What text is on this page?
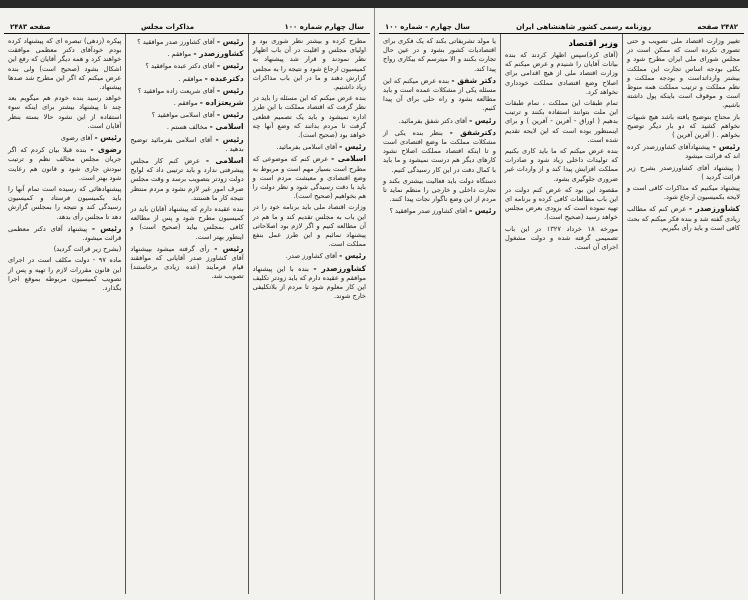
سال چهارم شماره ۱۰۰
مذاکرات مجلس
صفحه ۲۴۸۳

مطرح کرده و بیشتر نظر شوری بود و اولیای مجلس و اقلیت در آن باب اظهار نظر نمودند و قرار شد پیشنهاد به کمیسیون ارجاع شود و نتیجه را به مجلس گزارش دهند و ما در این باب مذاکرات زیاد داشتیم.

بنده عرض میکنم که این مسئله را باید در نظر گرفت که اقتصاد مملکت با این طرز اداره نمیشود و باید یک تصمیم قطعی گرفت تا مردم بدانند که وضع آنها چه خواهد بود (صحیح است).

رئیس - آقای اسلامی بفرمائید.

اسلامی - عرض کنم که موضوعی که مطرح است بسیار مهم است و مربوط به وضع اقتصادی و معیشت مردم است و باید با دقت رسیدگی شود و نظر دولت را هم بخواهیم (صحیح است).

وزارت اقتصاد ملی باید برنامه خود را در این باب به مجلس تقدیم کند و ما هم در آن مطالعه کنیم و اگر لازم بود اصلاحاتی پیشنهاد نمائیم و این طرز عمل بنفع مملکت است.

رئیس - آقای کشاورز صدر.

کشاورزصدر - بنده با این پیشنهاد موافقم و عقیده دارم که باید زودتر تکلیف این کار معلوم شود تا مردم از بلاتکلیفی خارج شوند.

رئیس - آقای کشاورز صدر موافقید ؟

کشاورزصدر - موافقم .

رئیس - آقای دکتر عبده موافقید ؟

دکترعبده - موافقم .

رئیس - آقای شریعت زاده موافقید ؟

شریعتزاده - موافقم .

رئیس - آقای اسلامی موافقید ؟

اسلامی - مخالف هستم .

رئیس - آقای اسلامی بفرمائید توضیح بدهید .

اسلامی - عرض کنم کار مجلس پیشرفتی ندارد و باید ترتیبی داد که لوایح دولت زودتر بتصویب برسد و وقت مجلس صرف امور غیر لازم نشود و مردم منتظر نتیجه کار ما هستند.

بنده عقیده دارم که پیشنهاد آقایان باید در کمیسیون مطرح شود و پس از مطالعه کافی بمجلس بیاید (صحیح است) و اینطور بهتر است.

رئیس - رأی گرفته میشود بپیشنهاد آقای کشاورز صدر آقایانی که موافقند قیام فرمایند (عده زیادی برخاستند) تصویب شد.

پیکره (زدهی) تبصره ای که پیشنهاد کرده بودم خودآقای دکتر معظمی موافقت خواهند کرد و همه دیگر آقایان که رفع این اشکال بشود (صحیح است) ولی بنده عرض میکنم که اگر این مطرح شد صدها پیشنهاد.

خواهد رسید بنده خودم هم میگویم بعد چند تا پیشنهاد بیشتر برای اینکه سوء استفاده از این نشود حالا بسته بنظر آقایان است.

رئیس - آقای رضوی

رضوی - بنده قبلا بیان کردم که اگر جریان مجلس مخالف نظم و ترتیب نبودش جاری شود و قانون هم رعایت شود بهتر است.

پیشنهادهائی که رسیده است تمام آنها را باید بکمیسیون فرستاد و کمیسیون رسیدگی کند و نتیجه را بمجلس گزارش دهد تا مجلس رأی بدهد.

رئیس - پیشنهاد آقای دکتر معظمی قرائت میشود.

(بشرح زیر قرائت گردید)

ماده ۹۷ - دولت مکلف است در اجرای این قانون مقررات لازم را تهیه و پس از تصویب کمیسیون مربوطه بموقع اجرا بگذارد.

۲۴۸۲ صفحه
روزنامه رسمی کشور شاهنشاهی ایران
سال چهارم - شماره ۱۰۰

تغییر وزارت اقتصاد ملی تصویب و حتی تصوری نکرده است که ممکن است در مجلس شورای ملی ایران مطرح شود و بکلی بودجه اساس تجارت این مملکت بیشتر وارداتداست و بودجه مملکت و نظم مملکت و ترتیب مملکت همه منوط است و موقوف است باینکه پول داشته باشیم.

باز محتاج بتوضیح یافته باشد هیچ شبهات نخواهم کشید که دو بار دیگر توضیح بخواهم . ( آفرین آفرین )

رئیس - پیشنهادآقای کشاورزصدر کرده اند که قرائت میشود

( پیشنهاد آقای کشاورزصدر بشرح زیر قرائت گردید )

پیشنهاد میکنیم که مذاکرات کافی است و لایحه بکمیسیون ارجاع شود.

کشاورزصدر - عرض کنم که مطالب زیادی گفته شد و بنده فکر میکنم که بحث کافی است و باید رأی بگیریم.

وزیر اقتصاد

(آقای کرد)سپس اظهار کردند که بنده بیانات آقایان را شنیدم و عرض میکنم که وزارت اقتصاد ملی از هیچ اقدامی برای اصلاح وضع اقتصادی مملکت خودداری نخواهد کرد.

تمام طبقات این مملکت ، تمام طبقات این ملت بتوانند استفاده بکنند و ترتیب بدهیم ( اوراق - آفرین - آفرین ) و برای اینمنظور بوده است که این لایحه تقدیم شده است.

بنده عرض میکنم که ما باید کاری بکنیم که تولیدات داخلی زیاد شود و صادرات مملکت افزایش پیدا کند و از واردات غیر ضروری جلوگیری بشود.

مقصود این بود که عرض کنم دولت در این باب مطالعات کافی کرده و برنامه ای تهیه نموده است که بزودی بعرض مجلس خواهد رسید (صحیح است).

مورخه ۱۸ خرداد ۱۳۲۷ در این باب تصمیمی گرفته شده و دولت مشغول اجرای آن است.

یا مولد تشریفاتی بکند که یک فکری برای اقتصادیات کشور بشود و در عین حال تجارت بکنند و الا میترسم که بیکاری رواج پیدا کند.

دکتر شفق - بنده عرض میکنم که این مسئله یکی از مشکلات عمده است و باید مطالعه بشود و راه حلی برای آن پیدا کنیم.

رئیس - آقای دکتر شفق بفرمائید.

دکترشفق - بنظر بنده یکی از مشکلات مملکت ما وضع اقتصادی است و تا اینکه اقتصاد مملکت اصلاح نشود کارهای دیگر هم درست نمیشود و ما باید با کمال دقت در این کار رسیدگی کنیم.

دستگاه دولت باید فعالیت بیشتری بکند و تجارت داخلی و خارجی را منظم نماید تا مردم از این وضع ناگوار نجات پیدا کنند.

رئیس - آقای کشاورز صدر موافقید ؟
